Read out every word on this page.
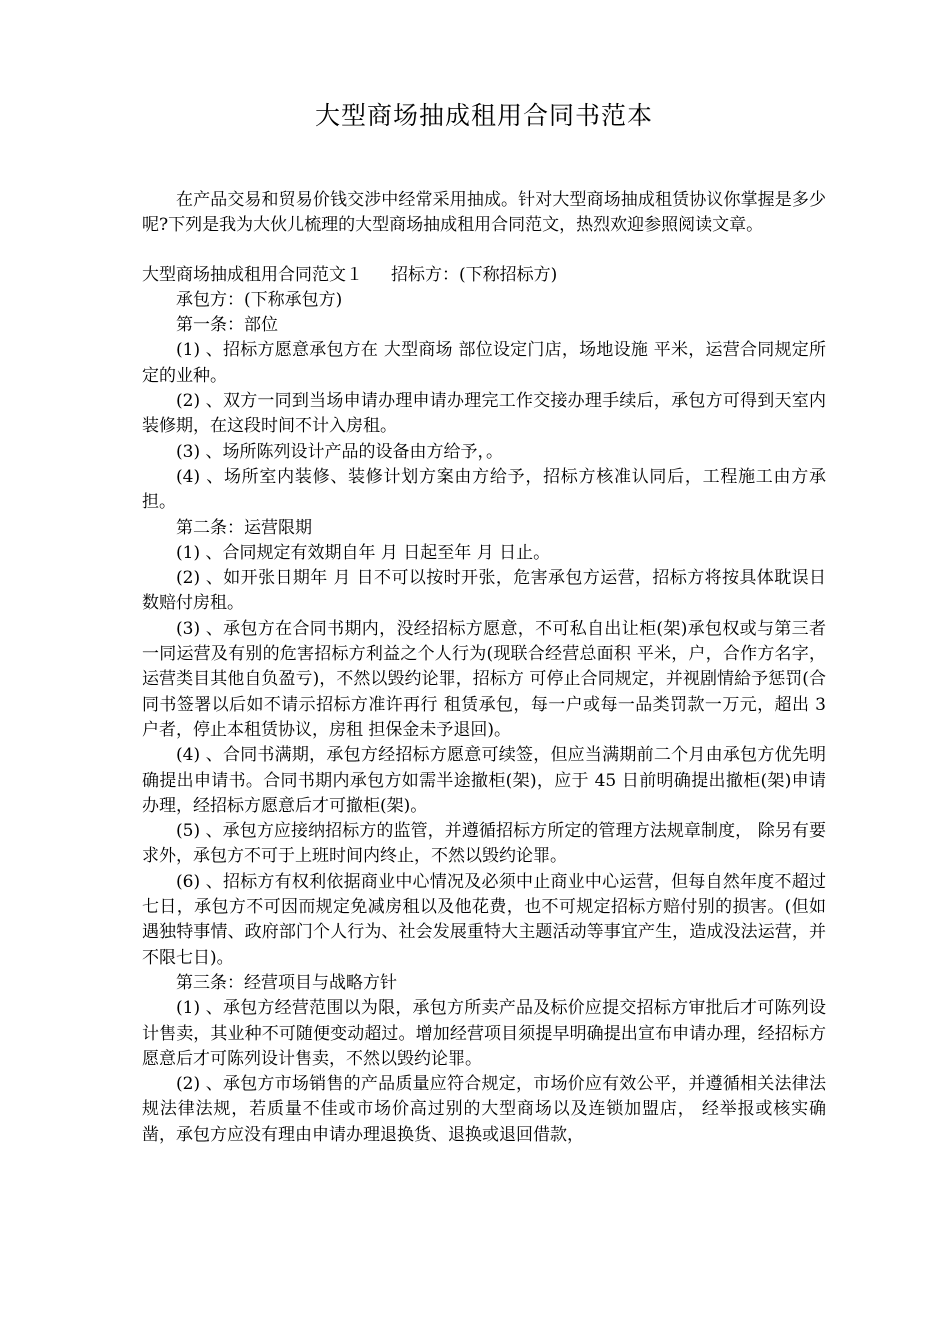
大型商场抽成租用合同书范本

在产品交易和贸易价钱交涉中经常采用抽成。针对大型商场抽成租赁协议你掌握是多少呢?下列是我为大伙儿梳理的大型商场抽成租用合同范文，热烈欢迎参照阅读文章。

大型商场抽成租用合同范文１ 招标方：(下称招标方)

承包方：(下称承包方)

第一条：部位

(1) 、招标方愿意承包方在 大型商场 部位设定门店，场地设施 平米，运营合同规定所定的业种。

(2) 、双方一同到当场申请办理申请办理完工作交接办理手续后，承包方可得到天室内装修期，在这段时间不计入房租。

(3) 、场所陈列设计产品的设备由方给予，。

(4) 、场所室内装修、装修计划方案由方给予，招标方核准认同后，工程施工由方承担。

第二条：运营限期

(1) 、合同规定有效期自年 月 日起至年 月 日止。

(2) 、如开张日期年 月 日不可以按时开张，危害承包方运营，招标方将按具体耽误日数赔付房租。

(3) 、承包方在合同书期内，没经招标方愿意，不可私自出让柜(架)承包权或与第三者一同运营及有别的危害招标方利益之个人行为(现联合经营总面积 平米，户，合作方名字，运营类目其他自负盈亏)，不然以毁约论罪，招标方 可停止合同规定，并视剧情給予惩罚(合同书签署以后如不请示招标方准许再行 租赁承包，每一户或每一品类罚款一万元，超出 3 户者，停止本租赁协议，房租 担保金未予退回)。

(4) 、合同书满期，承包方经招标方愿意可续签，但应当满期前二个月由承包方优先明确提出申请书。合同书期内承包方如需半途撤柜(架)，应于 45 日前明确提出撤柜(架)申请办理，经招标方愿意后才可撤柜(架)。

(5) 、承包方应接纳招标方的监管，并遵循招标方所定的管理方法规章制度， 除另有要求外，承包方不可于上班时间内终止，不然以毁约论罪。

(6) 、招标方有权利依据商业中心情况及必须中止商业中心运营，但每自然年度不超过七日，承包方不可因而规定免减房租以及他花费，也不可规定招标方赔付别的损害。(但如遇独特事情、政府部门个人行为、社会发展重特大主题活动等事宜产生，造成没法运营，并不限七日)。

第三条：经营项目与战略方针

(1) 、承包方经营范围以为限，承包方所卖产品及标价应提交招标方审批后才可陈列设计售卖，其业种不可随便变动超过。增加经营项目须提早明确提出宣布申请办理，经招标方愿意后才可陈列设计售卖，不然以毁约论罪。

(2) 、承包方市场销售的产品质量应符合规定，市场价应有效公平，并遵循相关法律法规法律法规，若质量不佳或市场价高过别的大型商场以及连锁加盟店， 经举报或核实确凿，承包方应没有理由申请办理退换货、退换或退回借款，
